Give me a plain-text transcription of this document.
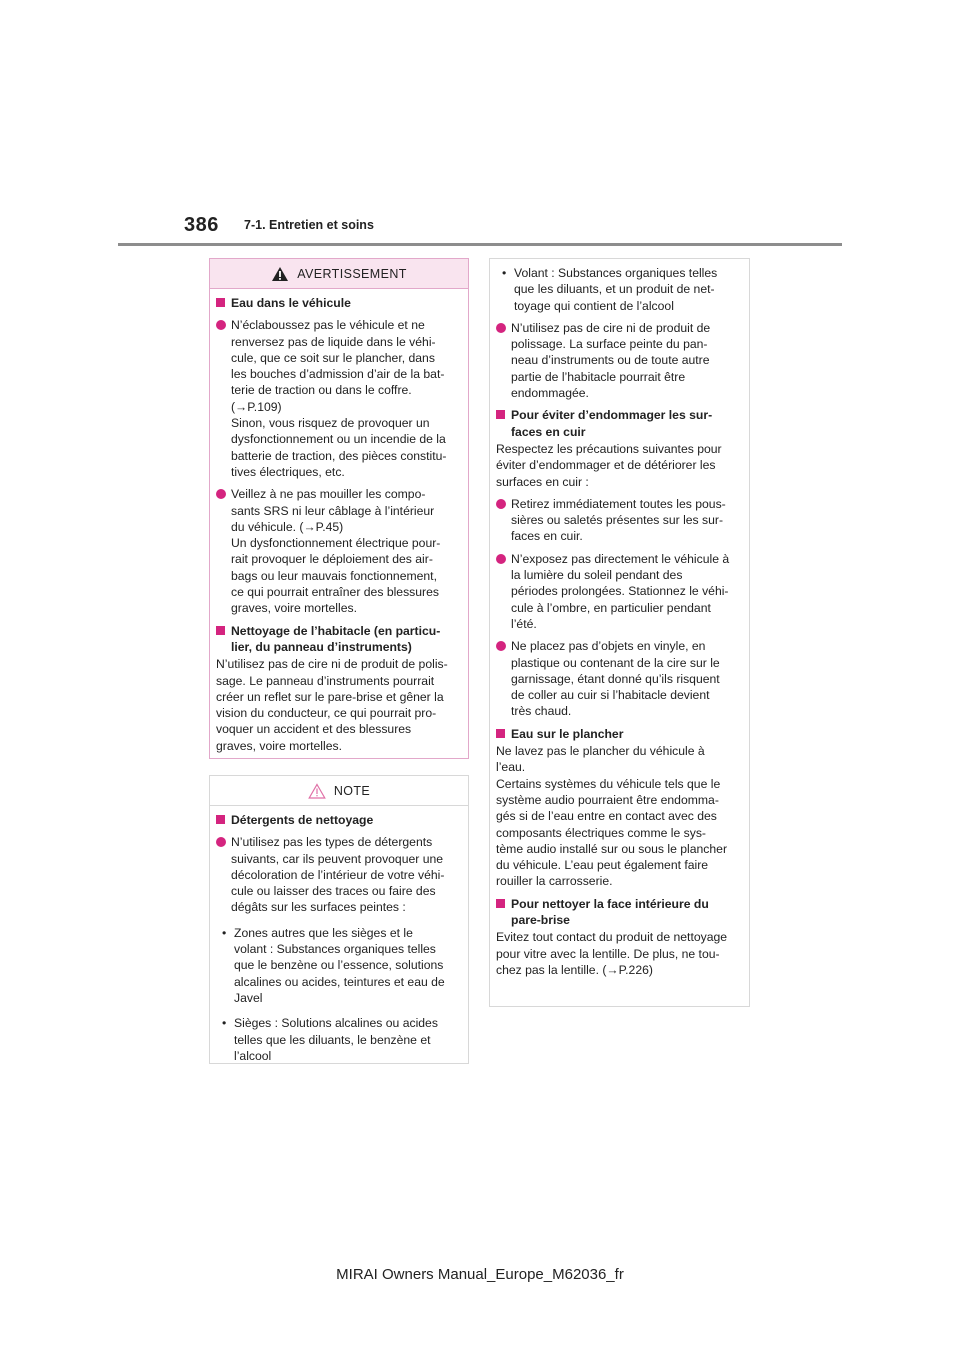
386 7-1. Entretien et soins
AVERTISSEMENT
Eau dans le véhicule
N’éclaboussez pas le véhicule et ne
renversez pas de liquide dans le véhi-
cule, que ce soit sur le plancher, dans
les bouches d’admission d’air de la bat-
terie de traction ou dans le coffre.
(→P.109)
Sinon, vous risquez de provoquer un
dysfonctionnement ou un incendie de la
batterie de traction, des pièces constitu-
tives électriques, etc.
Veillez à ne pas mouiller les compo-
sants SRS ni leur câblage à l’intérieur
du véhicule. (→P.45)
Un dysfonctionnement électrique pour-
rait provoquer le déploiement des air-
bags ou leur mauvais fonctionnement,
ce qui pourrait entraîner des blessures
graves, voire mortelles.
Nettoyage de l’habitacle (en particu-
lier, du panneau d’instruments)
N’utilisez pas de cire ni de produit de polis-
sage. Le panneau d’instruments pourrait
créer un reflet sur le pare-brise et gêner la
vision du conducteur, ce qui pourrait pro-
voquer un accident et des blessures
graves, voire mortelles.
NOTE
Détergents de nettoyage
N’utilisez pas les types de détergents
suivants, car ils peuvent provoquer une
décoloration de l’intérieur de votre véhi-
cule ou laisser des traces ou faire des
dégâts sur les surfaces peintes :
• Zones autres que les sièges et le
volant : Substances organiques telles
que le benzène ou l’essence, solutions
alcalines ou acides, teintures et eau de
Javel
• Sièges : Solutions alcalines ou acides
telles que les diluants, le benzène et
l’alcool
• Volant : Substances organiques telles
que les diluants, et un produit de net-
toyage qui contient de l’alcool
N’utilisez pas de cire ni de produit de
polissage. La surface peinte du pan-
neau d’instruments ou de toute autre
partie de l’habitacle pourrait être
endommagée.
Pour éviter d’endommager les sur-
faces en cuir
Respectez les précautions suivantes pour
éviter d’endommager et de détériorer les
surfaces en cuir :
Retirez immédiatement toutes les pous-
sières ou saletés présentes sur les sur-
faces en cuir.
N’exposez pas directement le véhicule à
la lumière du soleil pendant des
périodes prolongées. Stationnez le véhi-
cule à l’ombre, en particulier pendant
l’été.
Ne placez pas d’objets en vinyle, en
plastique ou contenant de la cire sur le
garnissage, étant donné qu’ils risquent
de coller au cuir si l’habitacle devient
très chaud.
Eau sur le plancher
Ne lavez pas le plancher du véhicule à
l’eau.
Certains systèmes du véhicule tels que le
système audio pourraient être endomma-
gés si de l’eau entre en contact avec des
composants électriques comme le sys-
tème audio installé sur ou sous le plancher
du véhicule. L’eau peut également faire
rouiller la carrosserie.
Pour nettoyer la face intérieure du
pare-brise
Evitez tout contact du produit de nettoyage
pour vitre avec la lentille. De plus, ne tou-
chez pas la lentille. (→P.226)
MIRAI Owners Manual_Europe_M62036_fr
